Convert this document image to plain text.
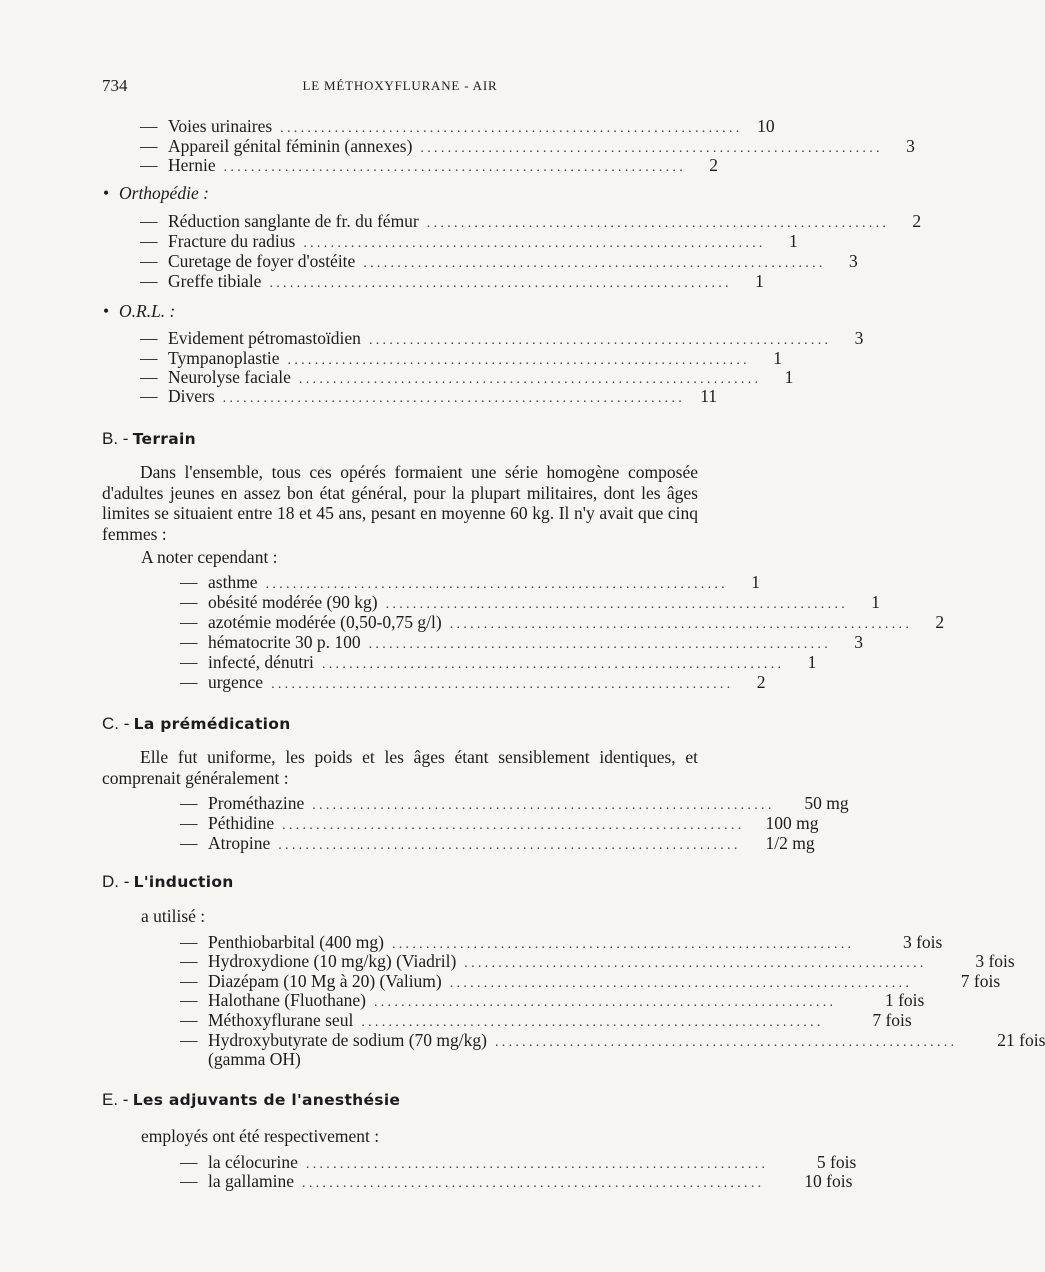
734	LE MÉTHOXYFLURANE - AIR
— Voies urinaires .................................................................... 10
— Appareil génital féminin (annexes) ....................................................................	3
— Hernie ....................................................................	2
• Orthopédie :
— Réduction sanglante de fr. du fémur ....................................................................	2
— Fracture du radius ....................................................................	1
— Curetage de foyer d'ostéite ....................................................................	3
— Greffe tibiale ....................................................................	1
• O.R.L. :
— Evidement pétromastoïdien ....................................................................	3
— Tympanoplastie ....................................................................	1
— Neurolyse faciale ....................................................................	1
— Divers .................................................................... 11
B. - Terrain
Dans l'ensemble, tous ces opérés formaient une série homogène composée d'adultes jeunes en assez bon état général, pour la plupart militaires, dont les âges limites se situaient entre 18 et 45 ans, pesant en moyenne 60 kg. Il n'y avait que cinq femmes :
A noter cependant :
— asthme ....................................................................	1
— obésité modérée (90 kg) ....................................................................	1
— azotémie modérée (0,50-0,75 g/l) ....................................................................	2
— hématocrite 30 p. 100 ....................................................................	3
— infecté, dénutri ....................................................................	1
— urgence ....................................................................	2
C. - La prémédication
Elle fut uniforme, les poids et les âges étant sensiblement identiques, et comprenait généralement :
— Prométhazine ....................................................................	50 mg
— Péthidine ....................................................................	100 mg
— Atropine ....................................................................	1/2 mg
D. - L'induction
a utilisé :
— Penthiobarbital (400 mg) ....................................................................	3 fois
— Hydroxydione (10 mg/kg) (Viadril) ....................................................................	3 fois
— Diazépam (10 Mg à 20) (Valium) ....................................................................	7 fois
— Halothane (Fluothane) ....................................................................	1 fois
— Méthoxyflurane seul ....................................................................	7 fois
— Hydroxybutyrate de sodium (70 mg/kg) ....................................................................	21 fois
(gamma OH)
E. - Les adjuvants de l'anesthésie
employés ont été respectivement :
— la célocurine ....................................................................	5 fois
— la gallamine ....................................................................	10 fois
